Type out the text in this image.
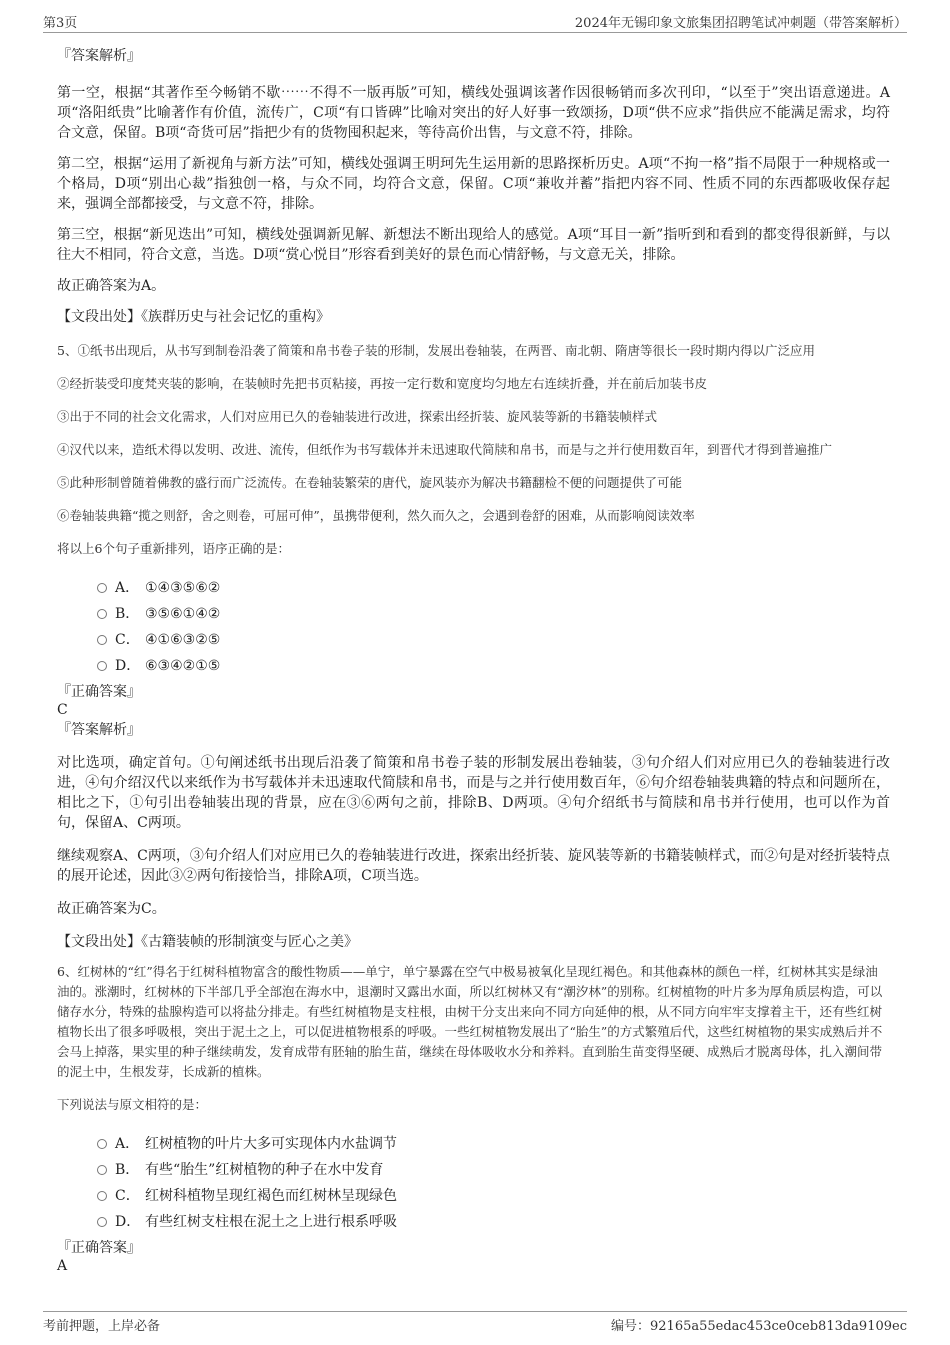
第3页	2024年无锡印象文旅集团招聘笔试冲刺题（带答案解析）

『答案解析』

第一空，根据“其著作至今畅销不歇⋯⋯不得不一版再版”可知，横线处强调该著作因很畅销而多次刊印，“以至于”突出语意递进。A项“洛阳纸贵”比喻著作有价值，流传广，C项“有口皆碑”比喻对突出的好人好事一致颂扬，D项“供不应求”指供应不能满足需求，均符合文意，保留。B项“奇货可居”指把少有的货物囤积起来，等待高价出售，与文意不符，排除。

第二空，根据“运用了新视角与新方法”可知，横线处强调王明珂先生运用新的思路探析历史。A项“不拘一格”指不局限于一种规格或一个格局，D项“别出心裁”指独创一格，与众不同，均符合文意，保留。C项“兼收并蓄”指把内容不同、性质不同的东西都吸收保存起来，强调全部都接受，与文意不符，排除。

第三空，根据“新见迭出”可知，横线处强调新见解、新想法不断出现给人的感觉。A项“耳目一新”指听到和看到的都变得很新鲜，与以往大不相同，符合文意，当选。D项“赏心悦目”形容看到美好的景色而心情舒畅，与文意无关，排除。

故正确答案为A。

【文段出处】《族群历史与社会记忆的重构》

5、①纸书出现后，从书写到制卷沿袭了简策和帛书卷子装的形制，发展出卷轴装，在两晋、南北朝、隋唐等很长一段时期内得以广泛应用

②经折装受印度梵夹装的影响，在装帧时先把书页粘接，再按一定行数和宽度均匀地左右连续折叠，并在前后加装书皮

③出于不同的社会文化需求，人们对应用已久的卷轴装进行改进，探索出经折装、旋风装等新的书籍装帧样式

④汉代以来，造纸术得以发明、改进、流传，但纸作为书写载体并未迅速取代简牍和帛书，而是与之并行使用数百年，到晋代才得到普遍推广

⑤此种形制曾随着佛教的盛行而广泛流传。在卷轴装繁荣的唐代，旋风装亦为解决书籍翻检不便的问题提供了可能

⑥卷轴装典籍“揽之则舒，舍之则卷，可屈可伸”，虽携带便利，然久而久之，会遇到卷舒的困难，从而影响阅读效率

将以上6个句子重新排列，语序正确的是：

A． ①④③⑤⑥②
B． ③⑤⑥①④②
C． ④①⑥③②⑤
D． ⑥③④②①⑤

『正确答案』

C

『答案解析』

对比选项，确定首句。①句阐述纸书出现后沿袭了简策和帛书卷子装的形制发展出卷轴装，③句介绍人们对应用已久的卷轴装进行改进，④句介绍汉代以来纸作为书写载体并未迅速取代简牍和帛书，而是与之并行使用数百年，⑥句介绍卷轴装典籍的特点和问题所在，相比之下，①句引出卷轴装出现的背景，应在③⑥两句之前，排除B、D两项。④句介绍纸书与简牍和帛书并行使用，也可以作为首句，保留A、C两项。

继续观察A、C两项，③句介绍人们对应用已久的卷轴装进行改进，探索出经折装、旋风装等新的书籍装帧样式，而②句是对经折装特点的展开论述，因此③②两句衔接恰当，排除A项，C项当选。

故正确答案为C。

【文段出处】《古籍装帧的形制演变与匠心之美》

6、红树林的“红”得名于红树科植物富含的酸性物质——单宁，单宁暴露在空气中极易被氧化呈现红褐色。和其他森林的颜色一样，红树林其实是绿油油的。涨潮时，红树林的下半部几乎全部泡在海水中，退潮时又露出水面，所以红树林又有“潮汐林”的别称。红树植物的叶片多为厚角质层构造，可以储存水分，特殊的盐腺构造可以将盐分排走。有些红树植物是支柱根，由树干分支出来向不同方向延伸的根，从不同方向牢牢支撑着主干，还有些红树植物长出了很多呼吸根，突出于泥土之上，可以促进植物根系的呼吸。一些红树植物发展出了“胎生”的方式繁殖后代，这些红树植物的果实成熟后并不会马上掉落，果实里的种子继续萌发，发育成带有胚轴的胎生苗，继续在母体吸收水分和养料。直到胎生苗变得坚硬、成熟后才脱离母体，扎入潮间带的泥土中，生根发芽，长成新的植株。

下列说法与原文相符的是：

A． 红树植物的叶片大多可实现体内水盐调节
B． 有些“胎生”红树植物的种子在水中发育
C． 红树科植物呈现红褐色而红树林呈现绿色
D． 有些红树支柱根在泥土之上进行根系呼吸

『正确答案』

A

考前押题，上岸必备	编号：92165a55edac453ce0ceb813da9109ec
